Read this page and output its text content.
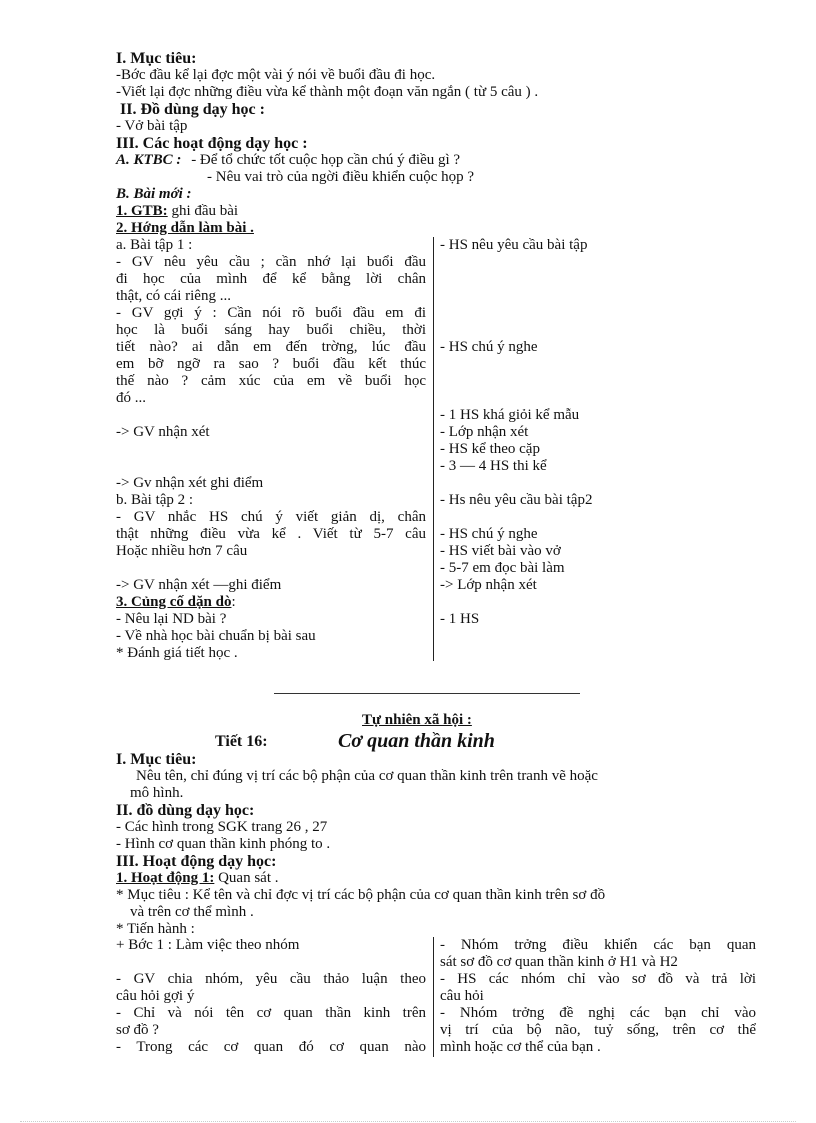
I. Mục tiêu:
-Bớc đầu kể lại đợc một vài ý nói về buổi đầu đi học.
-Viết lại đợc những điều vừa kể thành một đoạn văn ngắn ( từ 5 câu ) .
II. Đồ dùng dạy học :
- Vở bài tập
III. Các hoạt động dạy học :
A. KTBC : - Để tổ chức tốt cuộc họp cần chú ý điều gì ?
- Nêu vai trò của ngời điều khiển cuộc họp ?
B. Bài mới :
1. GTB: ghi đầu bài
2. Hớng dẫn làm bài .
a. Bài tập 1 :
- GV nêu yêu cầu ; cần nhớ lại buổi đầu
đi học của mình để kể bằng lời chân
thật, có cái riêng ...
- GV gợi ý : Cần nói rõ buổi đầu em đi
học là buổi sáng hay buổi chiều, thời
tiết nào? ai dẫn em đến trờng, lúc đầu
em bỡ ngỡ ra sao ? buổi đầu kết thúc
thế nào ? cảm xúc của em về buổi học
đó ...
-> GV nhận xét
-> Gv nhận xét ghi điểm
b. Bài tập 2 :
- GV nhắc HS chú ý viết giản dị, chân
thật những điều vừa kể . Viết từ 5-7 câu
Hoặc nhiều hơn 7 câu
-> GV nhận xét —ghi điểm
- HS nêu yêu cầu bài tập
- HS chú ý nghe
- 1 HS khá giỏi kể mẫu
- Lớp nhận xét
- HS kể theo cặp
- 3 — 4 HS thi kể
- Hs nêu yêu cầu bài tập2
- HS chú ý nghe
- HS viết bài vào vở
- 5-7 em đọc bài làm
-> Lớp nhận xét
- 1 HS
3. Củng cố dặn dò:
- Nêu lại ND bài ?
- Về nhà học bài chuẩn bị bài sau
* Đánh giá tiết học .
Tự nhiên xã hội :
Tiết 16:	Cơ quan thần kinh
I. Mục tiêu:
Nêu tên, chỉ đúng vị trí các bộ phận của cơ quan thần kinh trên tranh vẽ hoặc
mô hình.
II. đồ dùng dạy học:
- Các hình trong SGK trang 26 , 27
- Hình cơ quan thần kinh phóng to .
III. Hoạt động dạy học:
1. Hoạt động 1: Quan sát .
* Mục tiêu : Kể tên và chỉ đợc vị trí các bộ phận của cơ quan thần kinh trên sơ đồ
và trên cơ thể mình .
* Tiến hành :
+ Bớc 1 : Làm việc theo nhóm
- GV chia nhóm, yêu cầu thảo luận theo
câu hỏi gợi ý
- Chỉ và nói tên cơ quan thần kinh trên
sơ đồ ?
- Trong các cơ quan đó cơ quan nào
- Nhóm trởng điều khiển các bạn quan
sát sơ đồ cơ quan thần kinh ở H1 và H2
- HS các nhóm chỉ vào sơ đồ và trả lời
câu hỏi
- Nhóm trởng đề nghị các bạn chỉ vào
vị trí của bộ não, tuỷ sống, trên cơ thể
mình hoặc cơ thể của bạn .
